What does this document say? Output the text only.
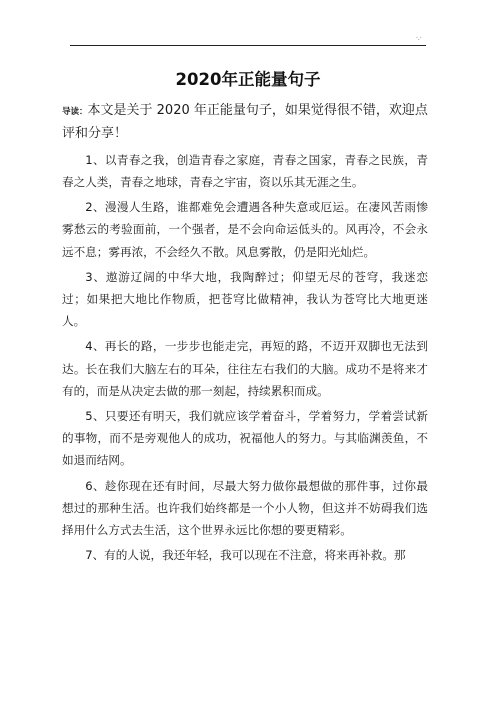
·.·
2020年正能量句子

导读：本文是关于 2020 年正能量句子，如果觉得很不错，欢迎点评和分享！

1、以青春之我，创造青春之家庭，青春之国家，青春之民族，青春之人类，青春之地球，青春之宇宙，资以乐其无涯之生。

2、漫漫人生路，谁都难免会遭遇各种失意或厄运。在凄风苦雨惨雾愁云的考验面前，一个强者，是不会向命运低头的。风再冷，不会永远不息；雾再浓，不会经久不散。风息雾散，仍是阳光灿烂。

3、遨游辽阔的中华大地，我陶醉过；仰望无尽的苍穹，我迷恋过；如果把大地比作物质，把苍穹比做精神，我认为苍穹比大地更迷人。

4、再长的路，一步步也能走完，再短的路，不迈开双脚也无法到达。长在我们大脑左右的耳朵，往往左右我们的大脑。成功不是将来才有的，而是从决定去做的那一刻起，持续累积而成。

5、只要还有明天，我们就应该学着奋斗，学着努力，学着尝试新的事物，而不是旁观他人的成功，祝福他人的努力。与其临渊羡鱼，不如退而结网。

6、趁你现在还有时间，尽最大努力做你最想做的那件事，过你最想过的那种生活。也许我们始终都是一个小人物，但这并不妨碍我们选择用什么方式去生活，这个世界永远比你想的要更精彩。

7、有的人说，我还年轻，我可以现在不注意，将来再补救。那
